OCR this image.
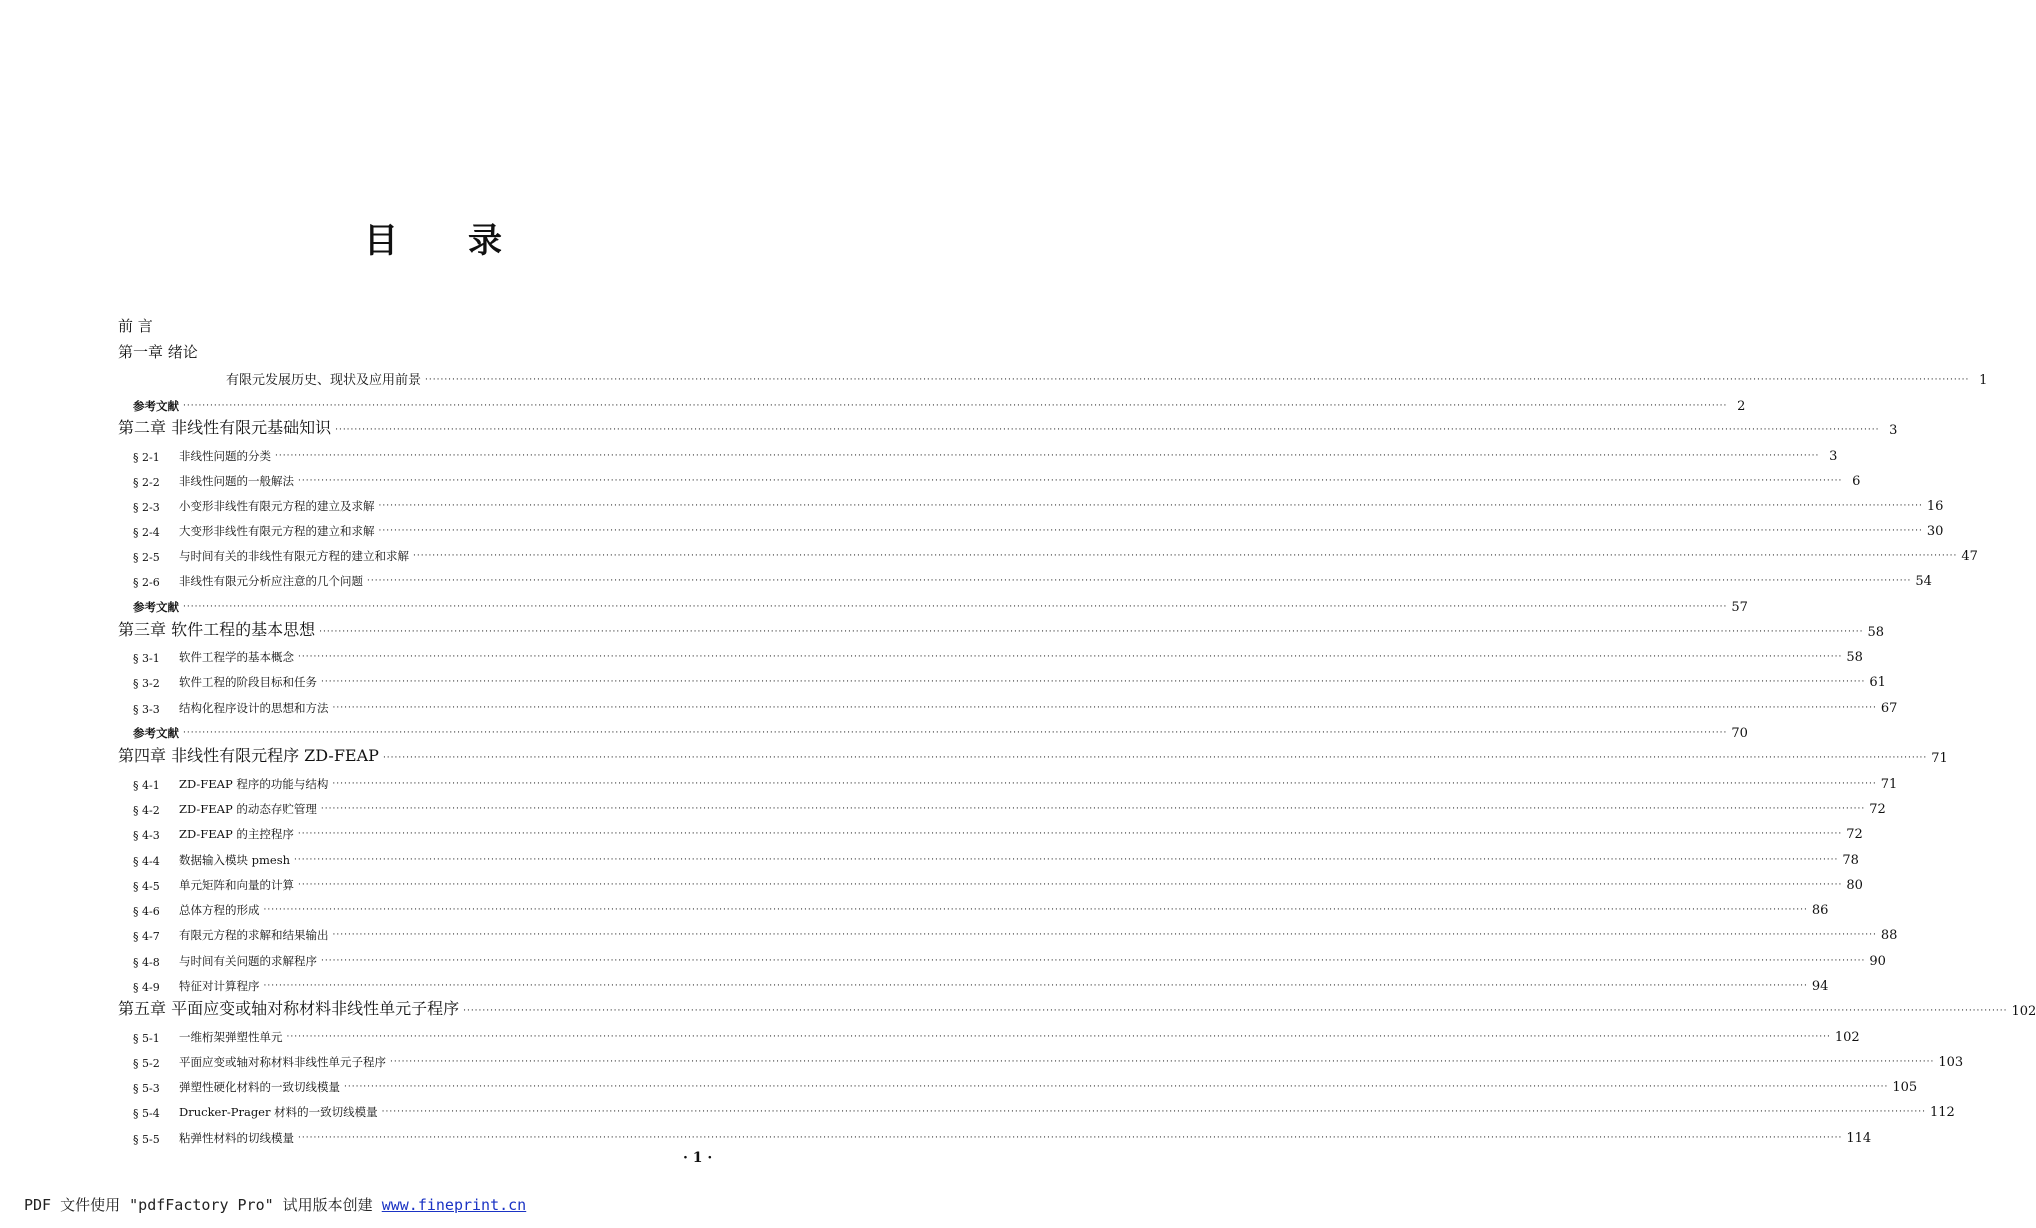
目 录
前 言
第一章 绪论
有限元发展历史、现状及应用前景 ················································································································································································································································································································································································································ 1
参考文献 ················································································································································································································································································································································································································ 2
第二章 非线性有限元基础知识 ················································································································································································································································································································································································································ 3
§ 2-1	非线性问题的分类 ················································································································································································································································································································································································································ 3
§ 2-2	非线性问题的一般解法 ················································································································································································································································································································································································································ 6
§ 2-3	小变形非线性有限元方程的建立及求解 ················································································································································································································································································································································································································ 16
§ 2-4	大变形非线性有限元方程的建立和求解 ················································································································································································································································································································································································································ 30
§ 2-5	与时间有关的非线性有限元方程的建立和求解 ················································································································································································································································································································································································································ 47
§ 2-6	非线性有限元分析应注意的几个问题 ················································································································································································································································································································································································································ 54
参考文献 ················································································································································································································································································································································································································ 57
第三章 软件工程的基本思想 ················································································································································································································································································································································································································ 58
§ 3-1	软件工程学的基本概念 ················································································································································································································································································································································································································ 58
§ 3-2	软件工程的阶段目标和任务 ················································································································································································································································································································································································································ 61
§ 3-3	结构化程序设计的思想和方法 ················································································································································································································································································································································································································ 67
参考文献 ················································································································································································································································································································································································································ 70
第四章 非线性有限元程序 ZD-FEAP ················································································································································································································································································································································································································ 71
§ 4-1	ZD-FEAP 程序的功能与结构 ················································································································································································································································································································································································································ 71
§ 4-2	ZD-FEAP 的动态存贮管理 ················································································································································································································································································································································································································ 72
§ 4-3	ZD-FEAP 的主控程序 ················································································································································································································································································································································································································ 72
§ 4-4	数据输入模块 pmesh ················································································································································································································································································································································································································ 78
§ 4-5	单元矩阵和向量的计算 ················································································································································································································································································································································································································ 80
§ 4-6	总体方程的形成 ················································································································································································································································································································································································································ 86
§ 4-7	有限元方程的求解和结果输出 ················································································································································································································································································································································································································ 88
§ 4-8	与时间有关问题的求解程序 ················································································································································································································································································································································································································ 90
§ 4-9	特征对计算程序 ················································································································································································································································································································································································································ 94
第五章 平面应变或轴对称材料非线性单元子程序 ················································································································································································································································································································································································································ 102
§ 5-1	一维桁架弹塑性单元 ················································································································································································································································································································································································································ 102
§ 5-2	平面应变或轴对称材料非线性单元子程序 ················································································································································································································································································································································································································ 103
§ 5-3	弹塑性硬化材料的一致切线模量 ················································································································································································································································································································································································································ 105
§ 5-4	Drucker-Prager 材料的一致切线模量 ················································································································································································································································································································································································································ 112
§ 5-5	粘弹性材料的切线模量 ················································································································································································································································································································································································································ 114
· 1 ·
PDF 文件使用 "pdfFactory Pro" 试用版本创建 www.fineprint.cn
